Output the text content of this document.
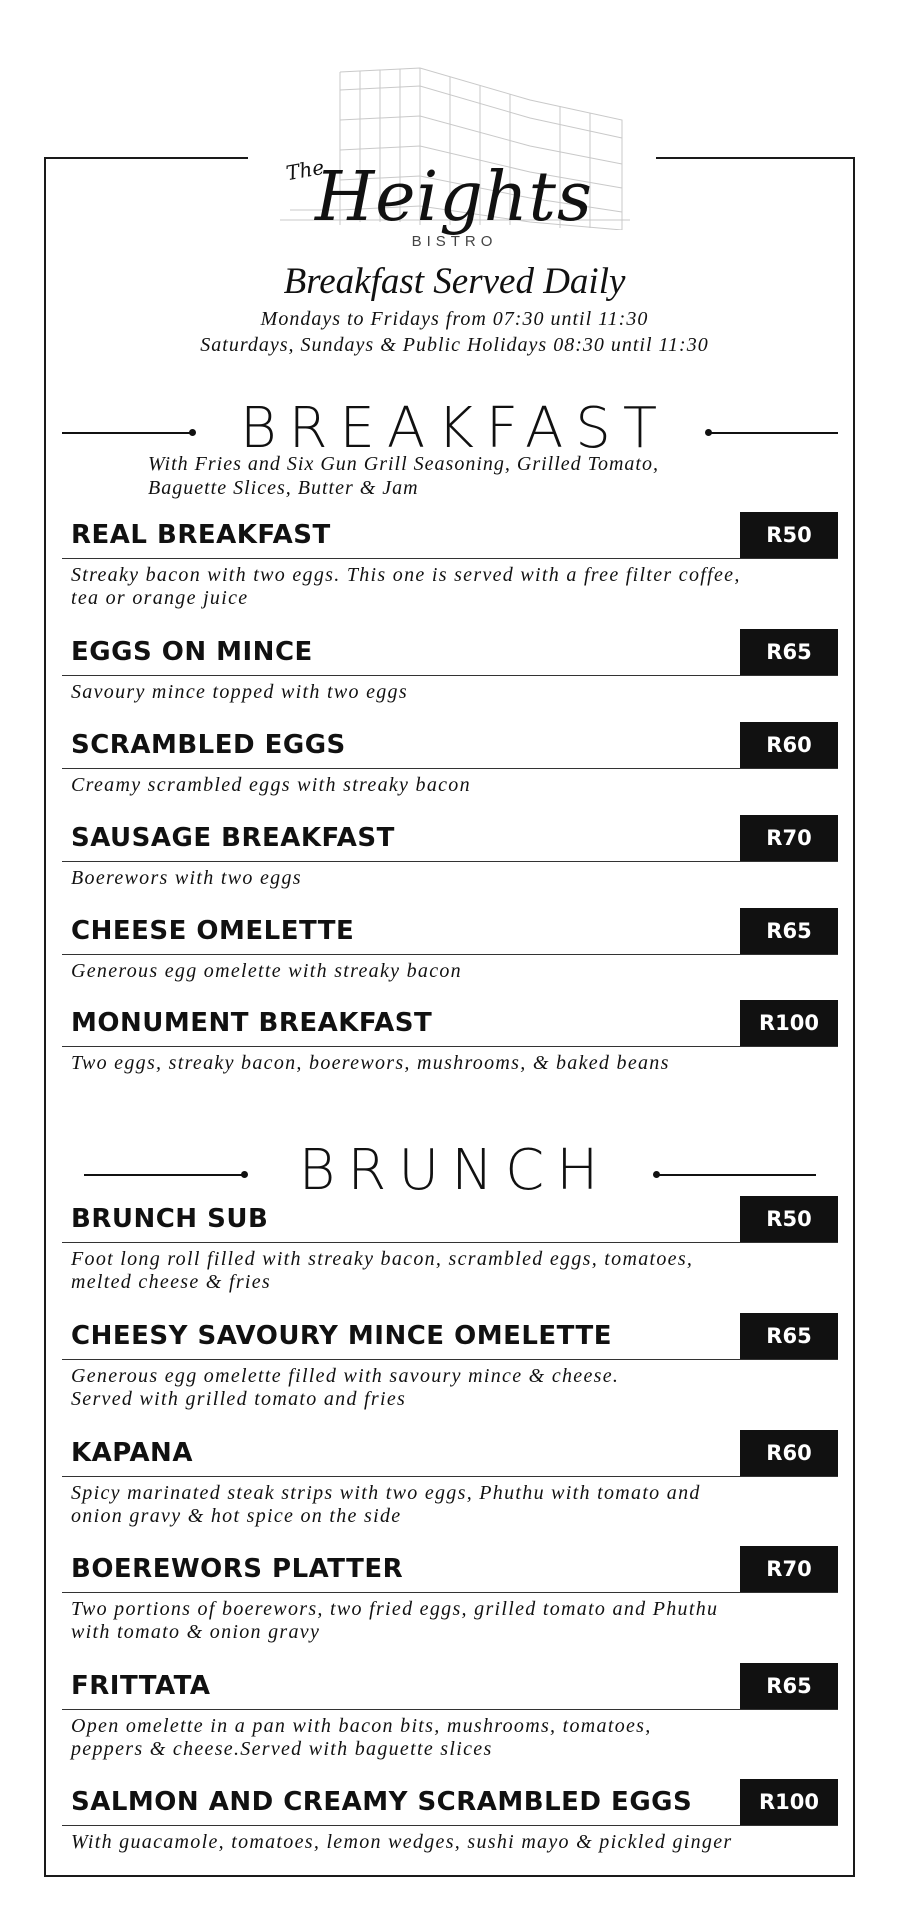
The
Heights
BISTRO
Breakfast Served Daily
Mondays to Fridays from 07:30 until 11:30
Saturdays, Sundays & Public Holidays 08:30 until 11:30
BREAKFAST
With Fries and Six Gun Grill Seasoning, Grilled Tomato,
Baguette Slices, Butter & Jam
REAL BREAKFAST	R50
Streaky bacon with two eggs. This one is served with a free filter coffee,
tea or orange juice
EGGS ON MINCE	R65
Savoury mince topped with two eggs
SCRAMBLED EGGS	R60
Creamy scrambled eggs with streaky bacon
SAUSAGE BREAKFAST	R70
Boerewors with two eggs
CHEESE OMELETTE	R65
Generous egg omelette with streaky bacon
MONUMENT BREAKFAST	R100
Two eggs, streaky bacon, boerewors, mushrooms, & baked beans
BRUNCH
BRUNCH SUB	R50
Foot long roll filled with streaky bacon, scrambled eggs, tomatoes,
melted cheese & fries
CHEESY SAVOURY MINCE OMELETTE	R65
Generous egg omelette filled with savoury mince & cheese.
Served with grilled tomato and fries
KAPANA	R60
Spicy marinated steak strips with two eggs, Phuthu with tomato and
onion gravy & hot spice on the side
BOEREWORS PLATTER	R70
Two portions of boerewors, two fried eggs, grilled tomato and Phuthu
with tomato & onion gravy
FRITTATA	R65
Open omelette in a pan with bacon bits, mushrooms, tomatoes,
peppers & cheese.Served with baguette slices
SALMON AND CREAMY SCRAMBLED EGGS	R100
With guacamole, tomatoes, lemon wedges, sushi mayo & pickled ginger
